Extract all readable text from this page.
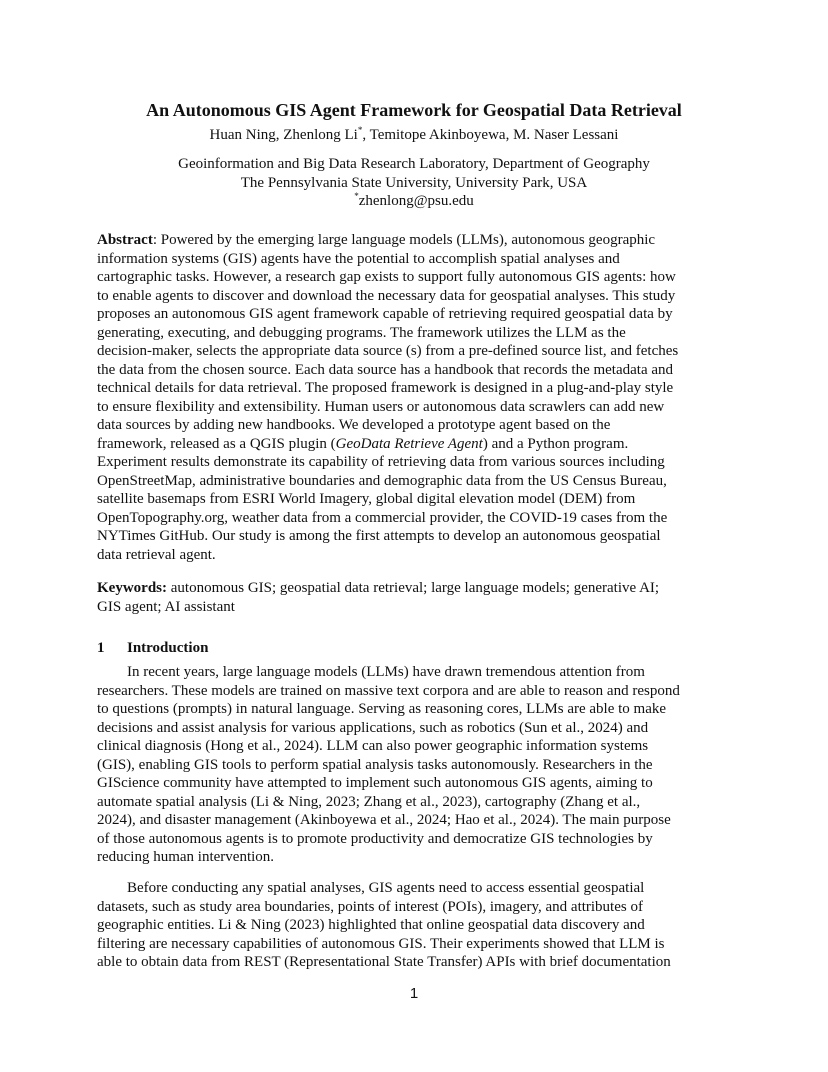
An Autonomous GIS Agent Framework for Geospatial Data Retrieval
Huan Ning, Zhenlong Li*, Temitope Akinboyewa, M. Naser Lessani
Geoinformation and Big Data Research Laboratory, Department of Geography
The Pennsylvania State University, University Park, USA
*zhenlong@psu.edu
Abstract: Powered by the emerging large language models (LLMs), autonomous geographic
information systems (GIS) agents have the potential to accomplish spatial analyses and
cartographic tasks. However, a research gap exists to support fully autonomous GIS agents: how
to enable agents to discover and download the necessary data for geospatial analyses. This study
proposes an autonomous GIS agent framework capable of retrieving required geospatial data by
generating, executing, and debugging programs. The framework utilizes the LLM as the
decision-maker, selects the appropriate data source (s) from a pre-defined source list, and fetches
the data from the chosen source. Each data source has a handbook that records the metadata and
technical details for data retrieval. The proposed framework is designed in a plug-and-play style
to ensure flexibility and extensibility. Human users or autonomous data scrawlers can add new
data sources by adding new handbooks. We developed a prototype agent based on the
framework, released as a QGIS plugin (GeoData Retrieve Agent) and a Python program.
Experiment results demonstrate its capability of retrieving data from various sources including
OpenStreetMap, administrative boundaries and demographic data from the US Census Bureau,
satellite basemaps from ESRI World Imagery, global digital elevation model (DEM) from
OpenTopography.org, weather data from a commercial provider, the COVID-19 cases from the
NYTimes GitHub. Our study is among the first attempts to develop an autonomous geospatial
data retrieval agent.
Keywords: autonomous GIS; geospatial data retrieval; large language models; generative AI;
GIS agent; AI assistant
1 Introduction
In recent years, large language models (LLMs) have drawn tremendous attention from
researchers. These models are trained on massive text corpora and are able to reason and respond
to questions (prompts) in natural language. Serving as reasoning cores, LLMs are able to make
decisions and assist analysis for various applications, such as robotics (Sun et al., 2024) and
clinical diagnosis (Hong et al., 2024). LLM can also power geographic information systems
(GIS), enabling GIS tools to perform spatial analysis tasks autonomously. Researchers in the
GIScience community have attempted to implement such autonomous GIS agents, aiming to
automate spatial analysis (Li & Ning, 2023; Zhang et al., 2023), cartography (Zhang et al.,
2024), and disaster management (Akinboyewa et al., 2024; Hao et al., 2024). The main purpose
of those autonomous agents is to promote productivity and democratize GIS technologies by
reducing human intervention.
Before conducting any spatial analyses, GIS agents need to access essential geospatial
datasets, such as study area boundaries, points of interest (POIs), imagery, and attributes of
geographic entities. Li & Ning (2023) highlighted that online geospatial data discovery and
filtering are necessary capabilities of autonomous GIS. Their experiments showed that LLM is
able to obtain data from REST (Representational State Transfer) APIs with brief documentation
1
